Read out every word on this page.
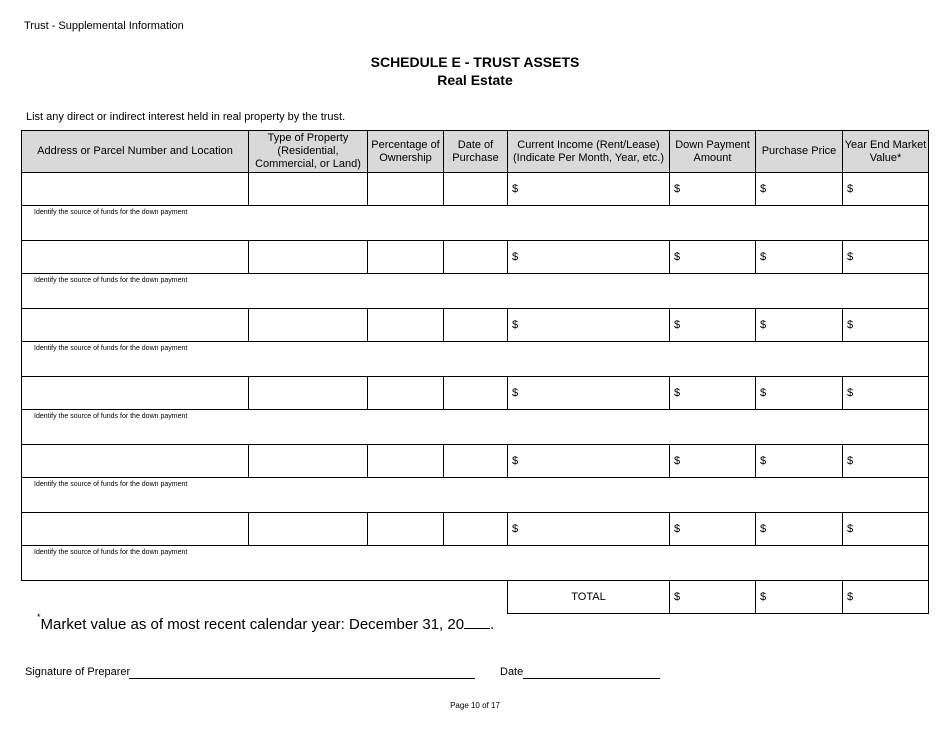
Trust - Supplemental Information
SCHEDULE E - TRUST ASSETS
Real Estate
List any direct or indirect interest held in real property by the trust.
Address or Parcel Number and Location	Type of Property (Residential, Commercial, or Land)	Percentage of Ownership	Date of Purchase	Current Income (Rent/Lease) (Indicate Per Month, Year, etc.)	Down Payment Amount	Purchase Price	Year End Market Value*
				$	$	$	$

Identify the source of funds for the down payment							

				$	$	$	$

Identify the source of funds for the down payment							

				$	$	$	$

Identify the source of funds for the down payment							

				$	$	$	$

Identify the source of funds for the down payment							

				$	$	$	$

Identify the source of funds for the down payment							

				$	$	$	$

Identify the source of funds for the down payment							

				TOTAL	$	$	$
*Market value as of most recent calendar year: December 31, 20 .
Signature of Preparer	Date
Page 10 of 17
